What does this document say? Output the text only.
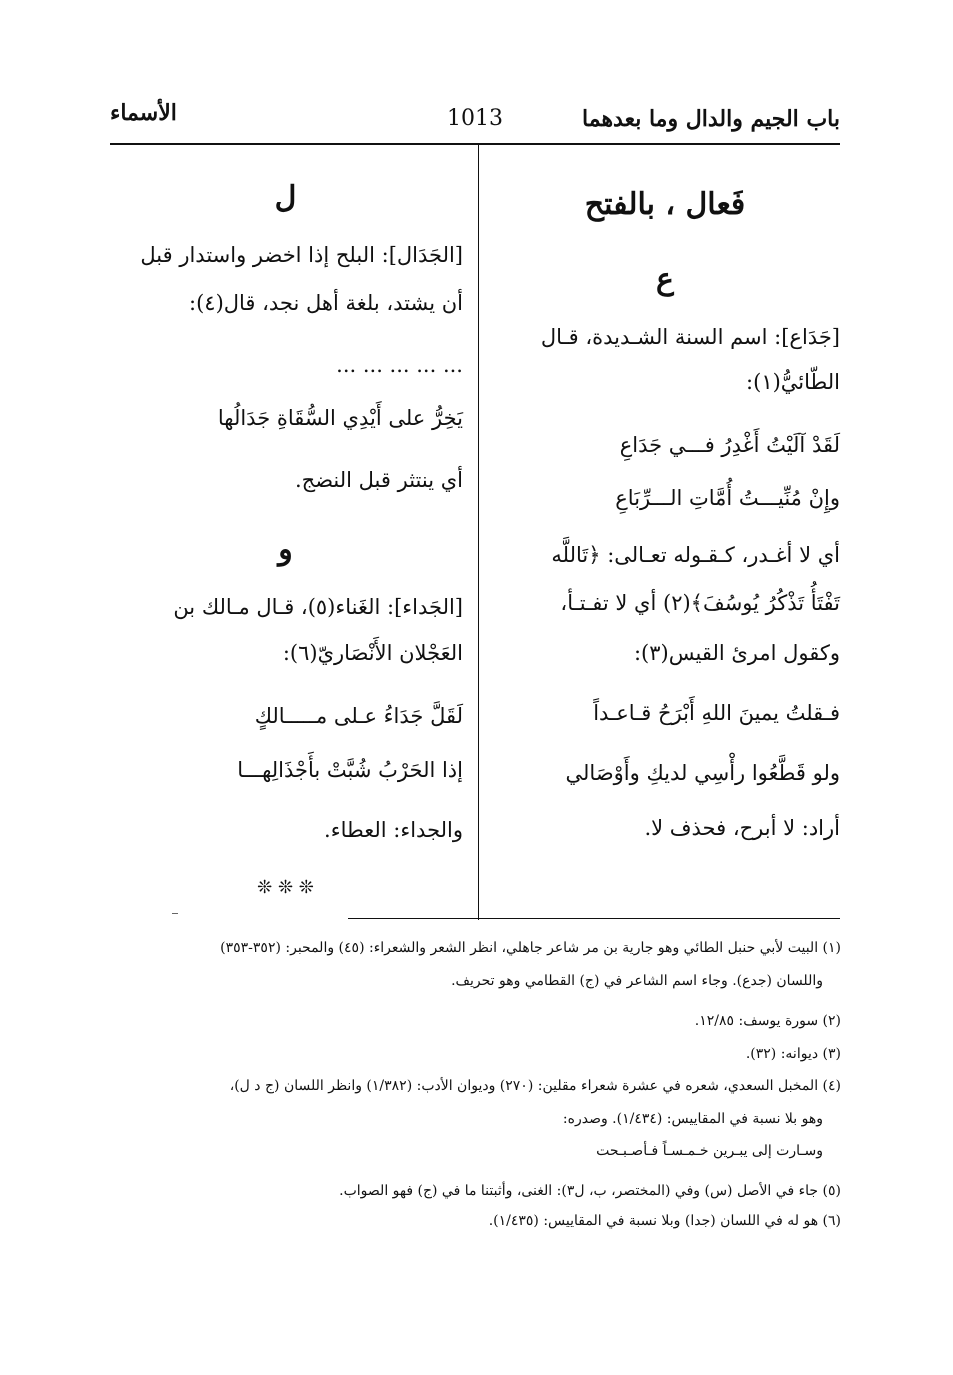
باب الجيم والدال وما بعدهما
1013
الأسماء
فَعال ، بالفتح
ع
[جَدَاع]: اسم السنة الشـديدة، قـال
الطّائيُّ(١):
لَقَدْ آلَيْتُ أَغْدِرُ فـــي جَدَاعِ
وإِنْ مُنِّيـــتُ أُمَّاتِ الـــرِّبَاعِ
أي لا أغـدر، كـقـوله تعـالى: ﴿تَاللَّه
تَفْتَأُ تَذْكُرُ يُوسُفَ﴾(٢) أي لا تفـتـأ،
وكقول امرئ القيس(٣):
فـقلتُ يمينَ اللهِ أَبْرَحُ قـاعـداً
ولو قَطَّعُوا رأْسِي لديكِ وأَوْصَالي
أراد: لا أبرح، فحذف لا.
ل
[الجَدَال]: البلح إذا اخضر واستدار قبل
أن يشتد، بلغة أهل نجد، قال(٤):
... ... ... ... ...
يَخِرُّ على أَيْدِي السُّقَاةِ جَدَالُها
أي ينتثر قبل النضج.
و
[الجَداء]: الغَناء(٥)، قـال مـالك بن
العَجْلان الأَنْصَاريّ(٦):
لَقَلَّ جَدَاءُ عـلى مـــــالكٍ
إذا الحَرْبُ شُبَّتْ بأَجْذَالِهـــا
والجداء: العطاء.
❊ ❊ ❊
(١) البيت لأبي حنبل الطائي وهو جارية بن مر شاعر جاهلي، انظر الشعر والشعراء: (٤٥) والمحبر: (٣٥٢-٣٥٣)
واللسان (جدع). وجاء اسم الشاعر في (ج) القطامي وهو تحريف.
(٢) سورة يوسف: ١٢/٨٥.
(٣) ديوانه: (٣٢).
(٤) المخبل السعدي، شعره في عشرة شعراء مقلين: (٢٧٠) وديوان الأدب: (١/٣٨٢) وانظر اللسان (ج د ل)،
وهو بلا نسبة في المقاييس: (١/٤٣٤). وصدره:
وسـارت إلى يبـرين خـمـسـاً فـأصـبـحت
(٥) جاء في الأصل (س) وفي (المختصر، ب، ل٣): الغنى، وأثبتنا ما في (ج) فهو الصواب.
(٦) هو له في اللسان (جدا) وبلا نسبة في المقاييس: (١/٤٣٥).
